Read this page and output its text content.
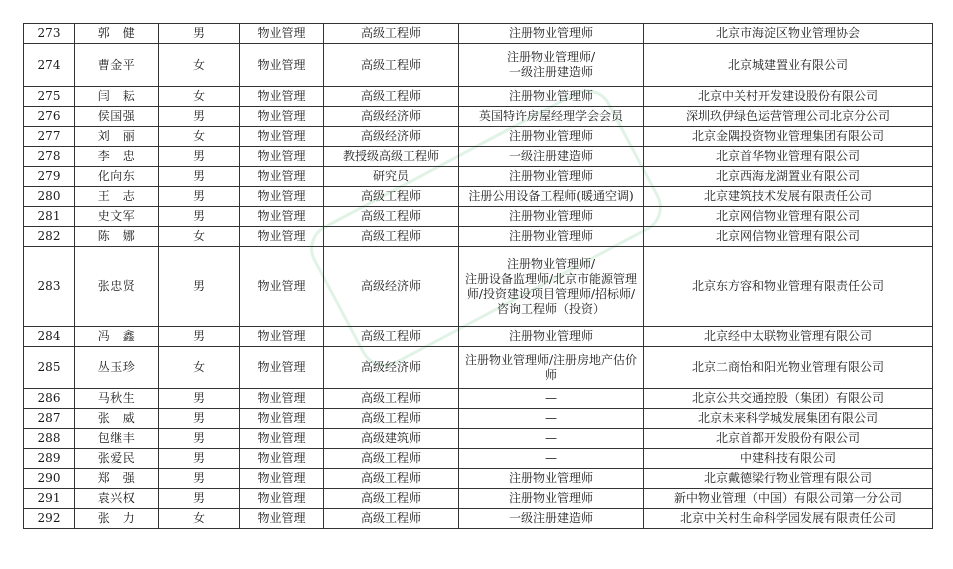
273	郭　健	男	物业管理	高级工程师	注册物业管理师	北京市海淀区物业管理协会
274	曹金平	女	物业管理	高级工程师	注册物业管理师/
一级注册建造师	北京城建置业有限公司
275	闫　耘	女	物业管理	高级工程师	注册物业管理师	北京中关村开发建设股份有限公司
276	侯国强	男	物业管理	高级经济师	英国特许房屋经理学会会员	深圳玖伊绿色运营管理公司北京分公司
277	刘　丽	女	物业管理	高级经济师	注册物业管理师	北京金隅投资物业管理集团有限公司
278	李　忠	男	物业管理	教授级高级工程师	一级注册建造师	北京首华物业管理有限公司
279	化向东	男	物业管理	研究员	注册物业管理师	北京西海龙湖置业有限公司
280	王　志	男	物业管理	高级工程师	注册公用设备工程师(暖通空调)	北京建筑技术发展有限责任公司
281	史文军	男	物业管理	高级工程师	注册物业管理师	北京网信物业管理有限公司
282	陈　娜	女	物业管理	高级工程师	注册物业管理师	北京网信物业管理有限公司
283	张忠贤	男	物业管理	高级经济师	注册物业管理师/
注册设备监理师/北京市能源管理
师/投资建设项目管理师/招标师/
咨询工程师（投资）	北京东方容和物业管理有限责任公司
284	冯　鑫	男	物业管理	高级工程师	注册物业管理师	北京经中太联物业管理有限公司
285	丛玉珍	女	物业管理	高级经济师	注册物业管理师/注册房地产估价
师	北京二商怡和阳光物业管理有限公司
286	马秋生	男	物业管理	高级工程师	—	北京公共交通控股（集团）有限公司
287	张　威	男	物业管理	高级工程师	—	北京未来科学城发展集团有限公司
288	包继丰	男	物业管理	高级建筑师	—	北京首都开发股份有限公司
289	张爱民	男	物业管理	高级工程师	—	中建科技有限公司
290	郑　强	男	物业管理	高级工程师	注册物业管理师	北京戴德梁行物业管理有限公司
291	袁兴权	男	物业管理	高级工程师	注册物业管理师	新中物业管理（中国）有限公司第一分公司
292	张　力	女	物业管理	高级工程师	一级注册建造师	北京中关村生命科学园发展有限责任公司
